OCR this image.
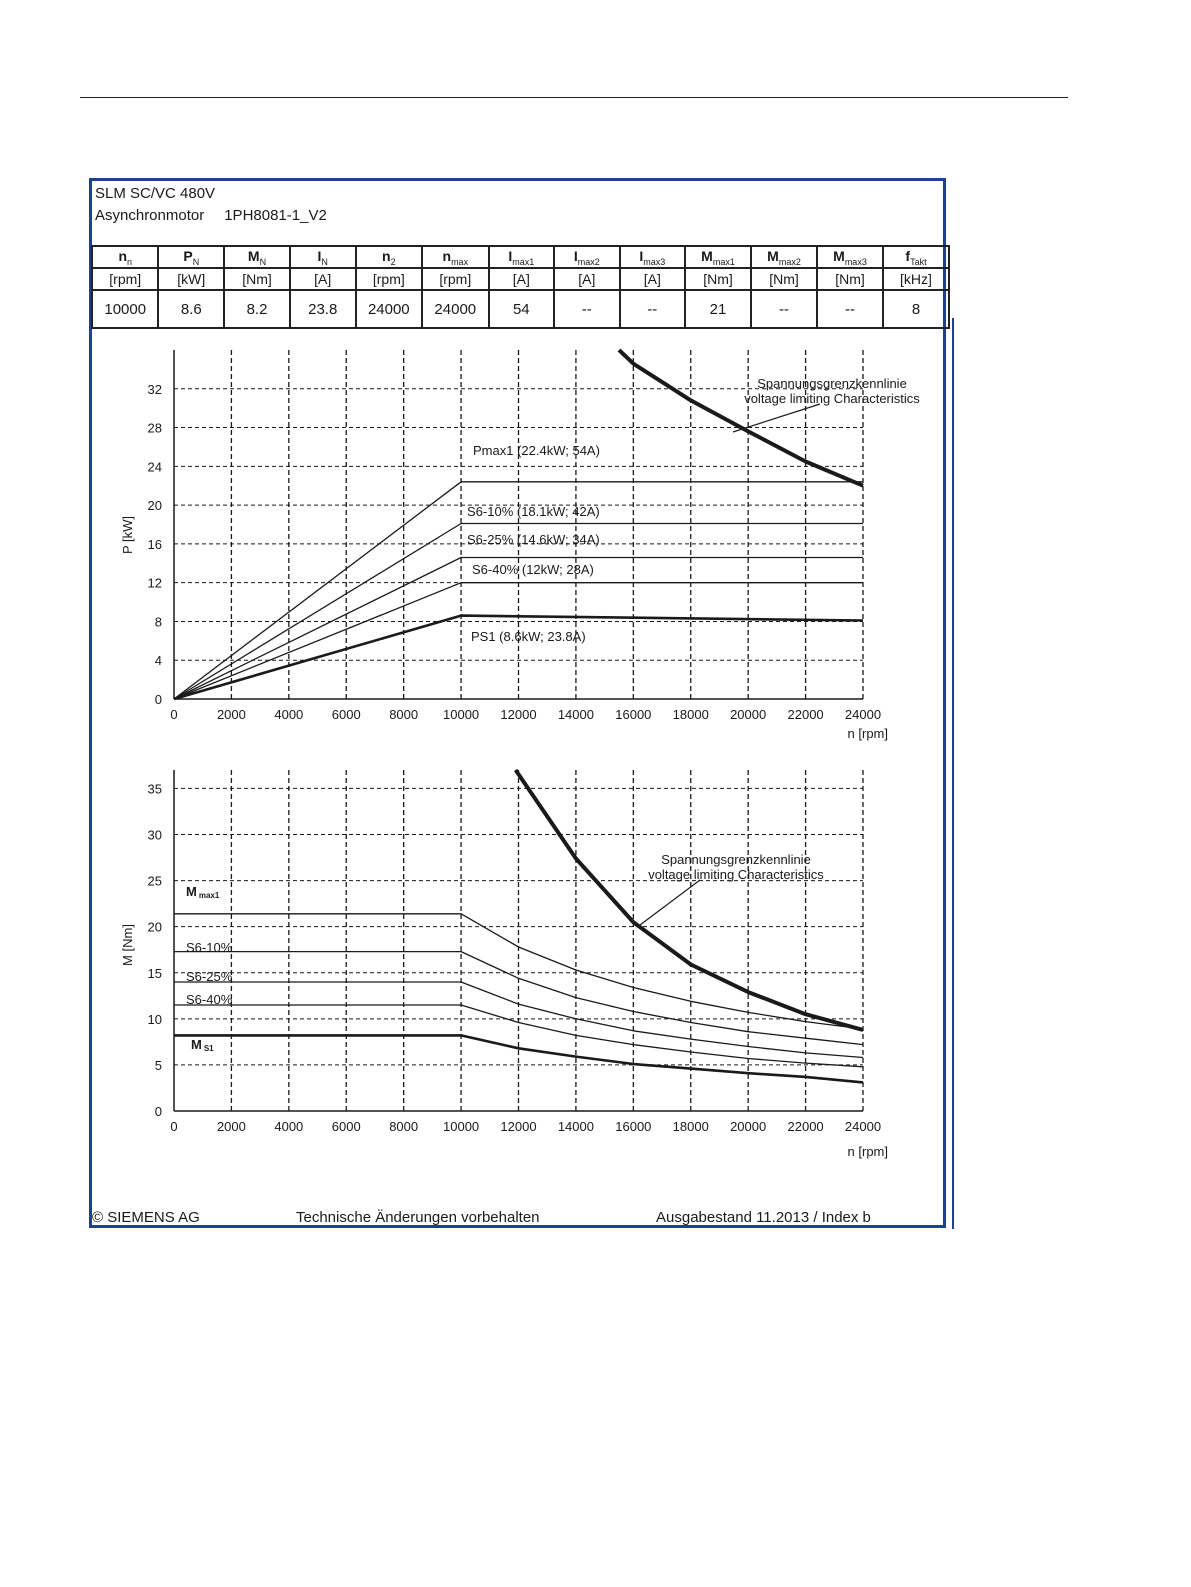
SLM SC/VC 480V
Asynchronmotor 1PH8081-1_V2
$n_n$	$P_N$	$M_N$	$I_N$	$n_2$	$n_{max}$	$I_{max1}$	$I_{max2}$	$I_{max3}$	$M_{max1}$	$M_{max2}$	$M_{max3}$	$f_{Takt}$
[rpm]	[kW]	[Nm]	[A]	[rpm]	[rpm]	[A]	[A]	[A]	[Nm]	[Nm]	[Nm]	[kHz]
10000	8.6	8.2	23.8	24000	24000	54	--	--	21	--	--	8
0	2000 4000 6000 8000 10000 12000 14000 16000 18000 20000 22000 24000
0
4
8
12
16
20
24
28
32
n [rpm]
P [kW]
Pmax1 (22.4kW; 54A)
S6-10% (18.1kW; 42A)
S6-25% (14.6kW; 34A)
S6-40% (12kW; 28A)
PS1 (8.6kW; 23.8A)
Spannungsgrenzkennlinie
voltage limiting Characteristics
0	2000 4000 6000 8000 10000 12000 14000 16000 18000 20000 22000 24000
0
5
10
15
20
25
30
35
n [rpm]
M [Nm]
Mmax1
S6-10%
S6-25%
S6-40%
M S1
Spannungsgrenzkennlinie
voltage limiting Characteristics
© SIEMENS AG	Technische Änderungen vorbehalten	Ausgabestand 11.2013 / Index b
